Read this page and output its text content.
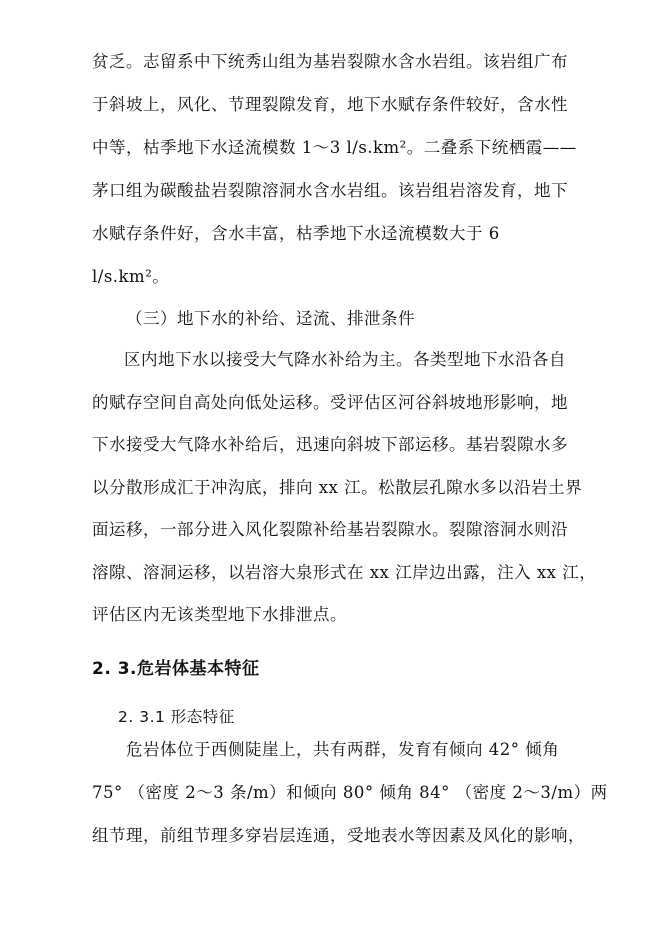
贫乏。志留系中下统秀山组为基岩裂隙水含水岩组。该岩组广布
于斜坡上，风化、节理裂隙发育，地下水赋存条件较好，含水性
中等，枯季地下水迳流模数 1～3 l/s.km²。二叠系下统栖霞——
茅口组为碳酸盐岩裂隙溶洞水含水岩组。该岩组岩溶发育，地下
水赋存条件好，含水丰富，枯季地下水迳流模数大于 6
l/s.km²。
（三）地下水的补给、迳流、排泄条件
区内地下水以接受大气降水补给为主。各类型地下水沿各自
的赋存空间自高处向低处运移。受评估区河谷斜坡地形影响，地
下水接受大气降水补给后，迅速向斜坡下部运移。基岩裂隙水多
以分散形成汇于冲沟底，排向 xx 江。松散层孔隙水多以沿岩土界
面运移，一部分进入风化裂隙补给基岩裂隙水。裂隙溶洞水则沿
溶隙、溶洞运移，以岩溶大泉形式在 xx 江岸边出露，注入 xx 江，
评估区内无该类型地下水排泄点。
2. 3.危岩体基本特征
2. 3.1 形态特征
危岩体位于西侧陡崖上，共有两群，发育有倾向 42° 倾角
75° （密度 2～3 条/m）和倾向 80° 倾角 84° （密度 2～3/m）两
组节理，前组节理多穿岩层连通，受地表水等因素及风化的影响，
